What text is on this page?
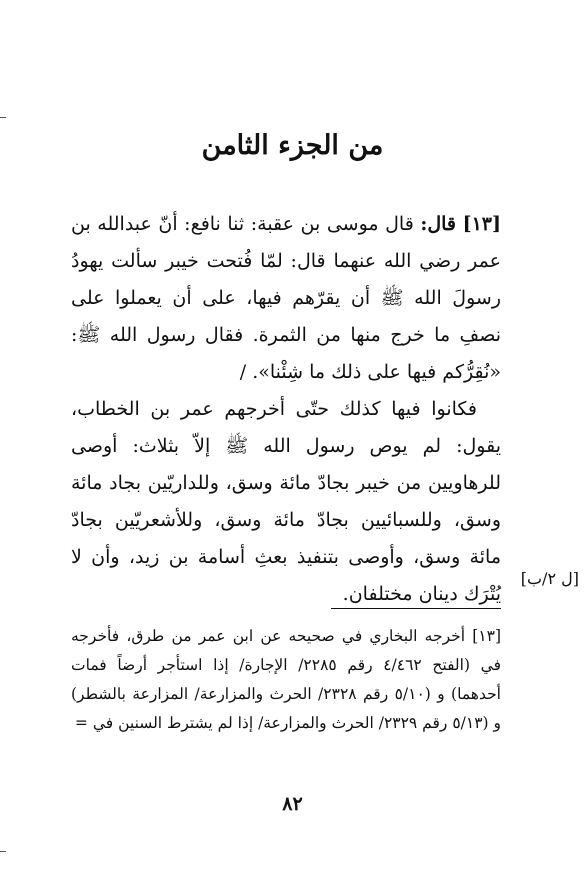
من الجزء الثامن

[١٣] قال: قال موسى بن عقبة: ثنا نافع: أنّ عبدالله بن عمر رضي الله عنهما قال: لمّا فُتحت خيبر سألت يهودُ رسولَ الله ﷺ أن يقرّهم فيها، على أن يعملوا على نصفِ ما خرج منها من الثمرة. فقال رسول الله ﷺ: «نُقِرُّكم فيها على ذلك ما شِئْنا». /

فكانوا فيها كذلك حتّى أخرجهم عمر بن الخطاب، يقول: لم يوص رسول الله ﷺ إلاّ بثلاث: أوصى للرهاويين من خيبر بجادّ مائة وسق، وللداريّين بجاد مائة وسق، وللسبائيين بجادّ مائة وسق، وللأشعريّين بجادّ مائة وسق، وأوصى بتنفيذ بعثِ أسامة بن زيد، وأن لا يُتْرَك دينان مختلفان.

[ل ٢/ب]

[١٣] أخرجه البخاري في صحيحه عن ابن عمر من طرق، فأخرجه في (الفتح ٤/٤٦٢ رقم ٢٢٨٥/ الإجارة/ إذا استأجر أرضاً فمات أحدهما) و (٥/١٠ رقم ٢٣٢٨/ الحرث والمزارعة/ المزارعة بالشطر) و (٥/١٣ رقم ٢٣٢٩/ الحرث والمزارعة/ إذا لم يشترط السنين في =

٨٢
